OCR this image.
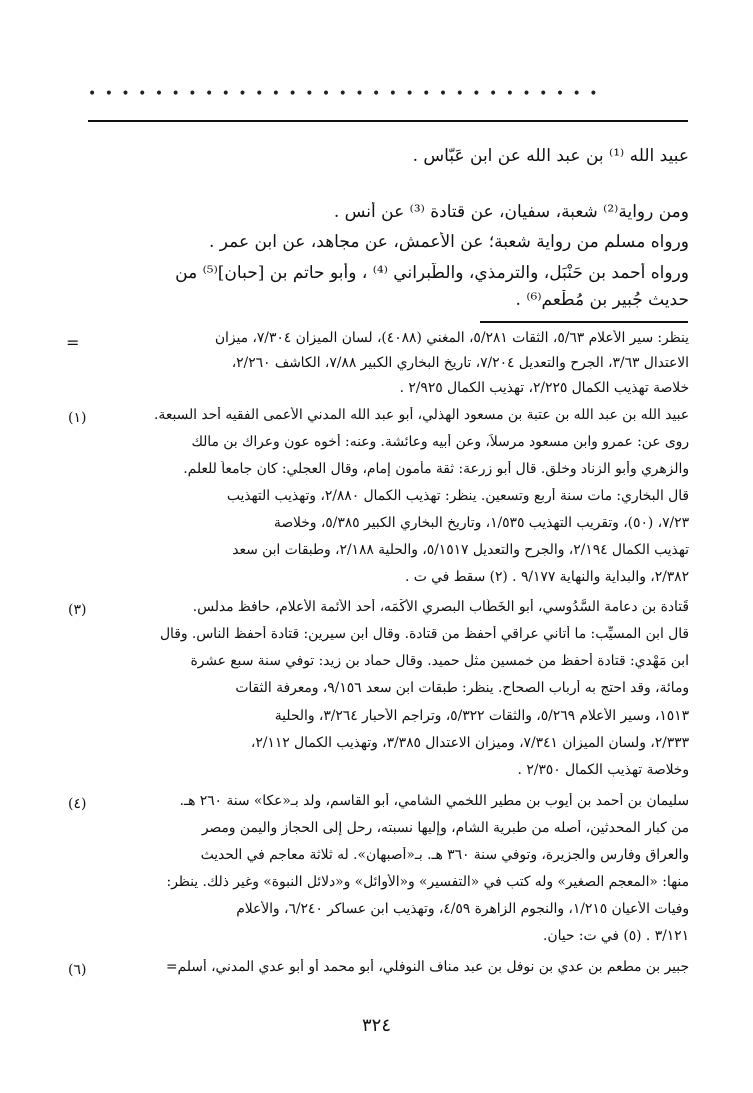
• • • • • • • • • • • • • • • • • • • • • • • • • • • • • • •
عبيد الله ⁽¹⁾ بن عبد الله عن ابن عَبّاس .
ومن رواية⁽²⁾ شعبة، سفيان، عن قتادة ⁽³⁾ عن أنس .
ورواه مسلم من رواية شعبة؛ عن الأعمش، عن مجاهد، عن ابن عمر .
ورواه أحمد بن حَنْبَل، والترمذي، والطَّبراني ⁽⁴⁾ ، وأبو حاتم بن [حبان]⁽⁵⁾ من
حديث جُبير بن مُطْعم⁽⁶⁾ .
=	ينظر: سير الأعلام ٥/٦٣، الثقات ٥/٢٨١، المغني (٤٠٨٨)، لسان الميزان ٧/٣٠٤، ميزان
الاعتدال ٣/٦٣، الجرح والتعديل ٧/٢٠٤، تاريخ البخاري الكبير ٧/٨٨، الكاشف ٢/٢٦٠،
خلاصة تهذيب الكمال ٢/٢٢٥، تهذيب الكمال ٢/٩٢٥ .
(١)	عبيد الله بن عبد الله بن عتبة بن مسعود الهذلي، أبو عبد الله المدني الأعمى الفقيه أحد السبعة.
روى عن: عمرو وابن مسعود مرسلاً، وعن أبيه وعائشة. وعنه: أخوه عون وعراك بن مالك
والزهري وأبو الزناد وخلق. قال أبو زرعة: ثقة مأمون إمام، وقال العجلي: كان جامعاً للعلم.
قال البخاري: مات سنة أربع وتسعين. ينظر: تهذيب الكمال ٢/٨٨٠، وتهذيب التهذيب
٧/٢٣، (٥٠)، وتقريب التهذيب ١/٥٣٥، وتاريخ البخاري الكبير ٥/٣٨٥، وخلاصة
تهذيب الكمال ٢/١٩٤، والجرح والتعديل ٥/١٥١٧، والحلية ٢/١٨٨، وطبقات ابن سعد
٢/٣٨٢، والبداية والنهاية ٩/١٧٧ . (٢) سقط في ت .
(٣)	قَتادة بن دعامة السَّدُوسي، أبو الخَطّاب البصري الأَكْمَه، أحد الأئمة الأعلام، حافظ مدلس.
قال ابن المسيِّب: ما أتاني عراقي أحفظ من قتادة. وقال ابن سيرين: قتادة أحفظ الناس. وقال
ابن مَهْدي: قتادة أحفظ من خمسين مثل حميد. وقال حماد بن زيد: توفي سنة سبع عشرة
ومائة، وقد احتج به أرباب الصحاح. ينظر: طبقات ابن سعد ٩/١٥٦، ومعرفة الثقات
١٥١٣، وسير الأعلام ٥/٢٦٩، والثقات ٥/٣٢٢، وتراجم الأحبار ٣/٢٦٤، والحلية
٢/٣٣٣، ولسان الميزان ٧/٣٤١، وميزان الاعتدال ٣/٣٨٥، وتهذيب الكمال ٢/١١٢،
وخلاصة تهذيب الكمال ٢/٣٥٠ .
(٤)	سليمان بن أحمد بن أيوب بن مطير اللخمي الشامي، أبو القاسم، ولد بـ«عكا» سنة ٢٦٠ هـ.
من كبار المحدثين، أصله من طبرية الشام، وإليها نسبته، رحل إلى الحجاز واليمن ومصر
والعراق وفارس والجزيرة، وتوفي سنة ٣٦٠ هـ. بـ«أصبهان». له ثلاثة معاجم في الحديث
منها: «المعجم الصغير» وله كتب في «التفسير» و«الأوائل» و«دلائل النبوة» وغير ذلك. ينظر:
وفيات الأعيان ١/٢١٥، والنجوم الزاهرة ٤/٥٩، وتهذيب ابن عساكر ٦/٢٤٠، والأعلام
٣/١٢١ . (٥) في ت: حيان.
(٦)	جبير بن مطعم بن عدي بن نوفل بن عبد مناف النوفلي، أبو محمد أو أبو عدي المدني، أسلم=
٣٢٤
